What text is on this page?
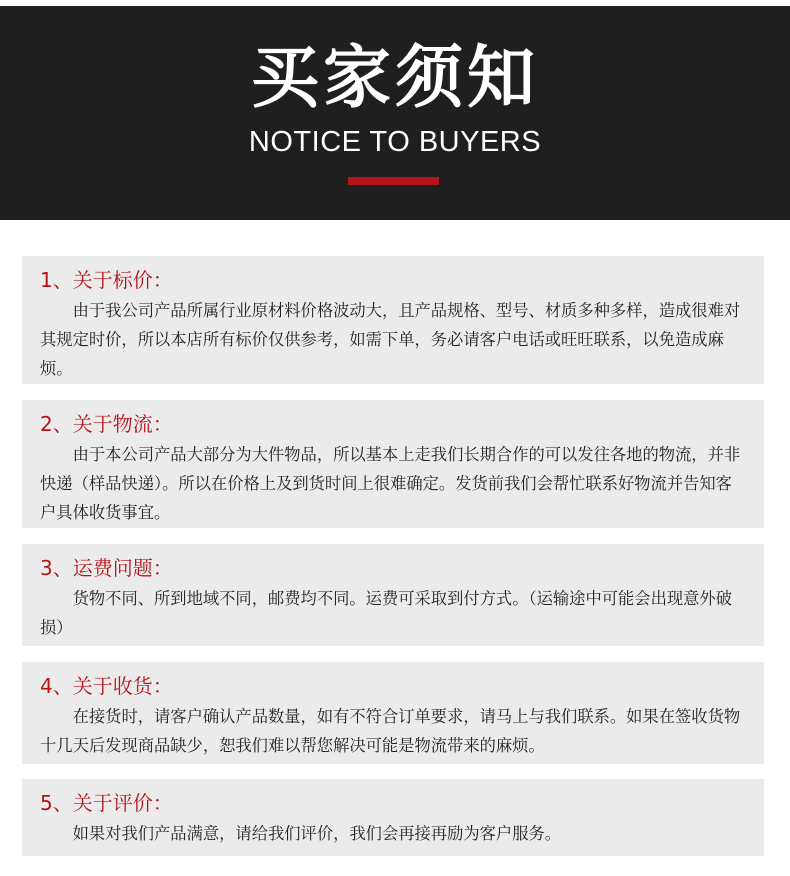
买家须知
NOTICE TO BUYERS
1、关于标价：
由于我公司产品所属行业原材料价格波动大，且产品规格、型号、材质多种多样，造成很难对其规定时价，所以本店所有标价仅供参考，如需下单，务必请客户电话或旺旺联系，以免造成麻烦。
2、关于物流：
由于本公司产品大部分为大件物品，所以基本上走我们长期合作的可以发往各地的物流，并非快递（样品快递）。所以在价格上及到货时间上很难确定。发货前我们会帮忙联系好物流并告知客户具体收货事宜。
3、运费问题：
货物不同、所到地域不同，邮费均不同。运费可采取到付方式。（运输途中可能会出现意外破损）
4、关于收货：
在接货时，请客户确认产品数量，如有不符合订单要求，请马上与我们联系。如果在签收货物十几天后发现商品缺少，恕我们难以帮您解决可能是物流带来的麻烦。
5、关于评价：
如果对我们产品满意，请给我们评价，我们会再接再励为客户服务。
